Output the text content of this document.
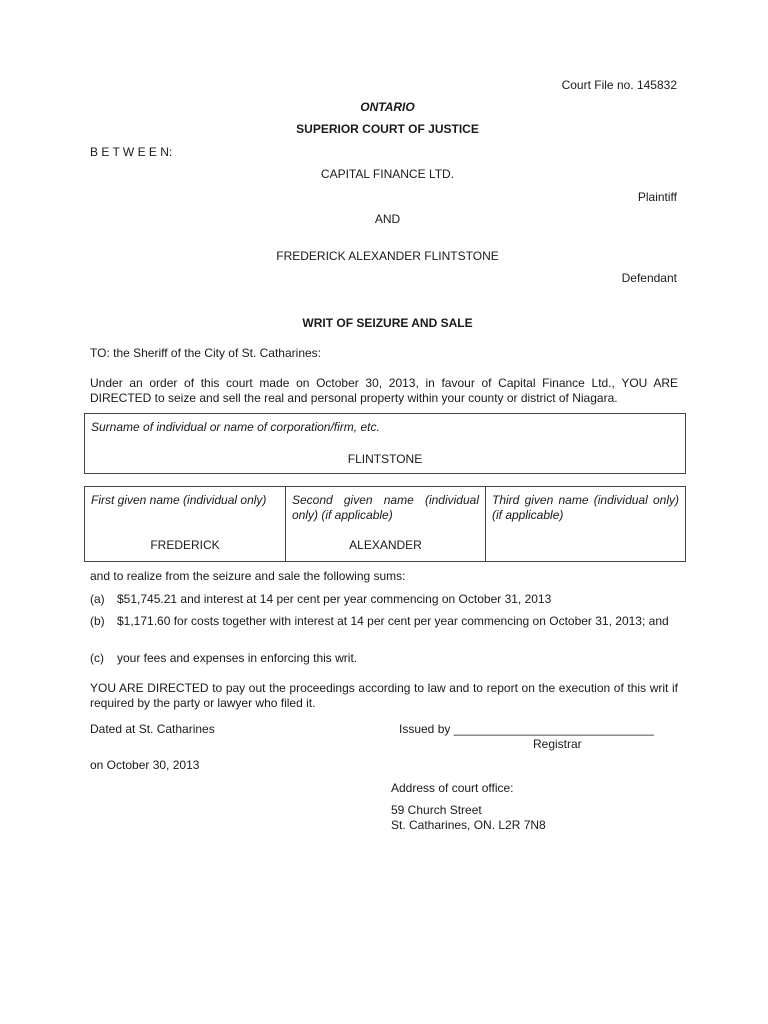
Court File no. 145832
ONTARIO
SUPERIOR COURT OF JUSTICE
B E T W E E N:
CAPITAL FINANCE LTD.
Plaintiff
AND
FREDERICK ALEXANDER FLINTSTONE
Defendant
WRIT OF SEIZURE AND SALE
TO: the Sheriff of the City of St. Catharines:
Under an order of this court made on October 30, 2013, in favour of Capital Finance Ltd., YOU ARE DIRECTED to seize and sell the real and personal property within your county or district of Niagara.
Surname of individual or name of corporation/firm, etc.
FLINTSTONE
First given name (individual only)
FREDERICK
Second given name (individual only) (if applicable)
ALEXANDER
Third given name (individual only) (if applicable)
and to realize from the seizure and sale the following sums:
(a) $51,745.21 and interest at 14 per cent per year commencing on October 31, 2013
(b) $1,171.60 for costs together with interest at 14 per cent per year commencing on October 31, 2013; and
(c) your fees and expenses in enforcing this writ.
YOU ARE DIRECTED to pay out the proceedings according to law and to report on the execution of this writ if required by the party or lawyer who filed it.
Dated at St. Catharines	Issued by ______________________________
Registrar
on October 30, 2013
Address of court office:
59 Church Street
St. Catharines, ON. L2R 7N8
